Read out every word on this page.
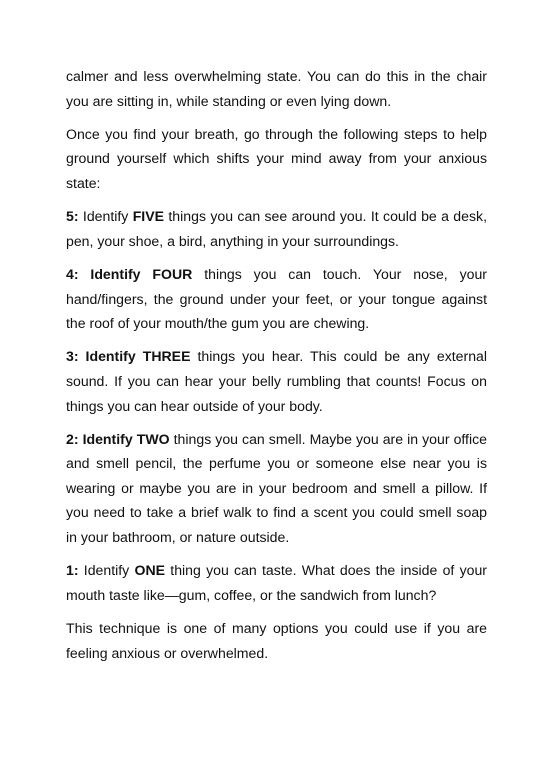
calmer and less overwhelming state. You can do this in the chair you are sitting in, while standing or even lying down.

Once you find your breath, go through the following steps to help ground yourself which shifts your mind away from your anxious state:

5: Identify FIVE things you can see around you. It could be a desk, pen, your shoe, a bird, anything in your surroundings.

4: Identify FOUR things you can touch. Your nose, your hand/fingers, the ground under your feet, or your tongue against the roof of your mouth/the gum you are chewing.

3: Identify THREE things you hear. This could be any external sound. If you can hear your belly rumbling that counts! Focus on things you can hear outside of your body.

2: Identify TWO things you can smell. Maybe you are in your office and smell pencil, the perfume you or someone else near you is wearing or maybe you are in your bedroom and smell a pillow. If you need to take a brief walk to find a scent you could smell soap in your bathroom, or nature outside.

1: Identify ONE thing you can taste. What does the inside of your mouth taste like—gum, coffee, or the sandwich from lunch?

This technique is one of many options you could use if you are feeling anxious or overwhelmed.
